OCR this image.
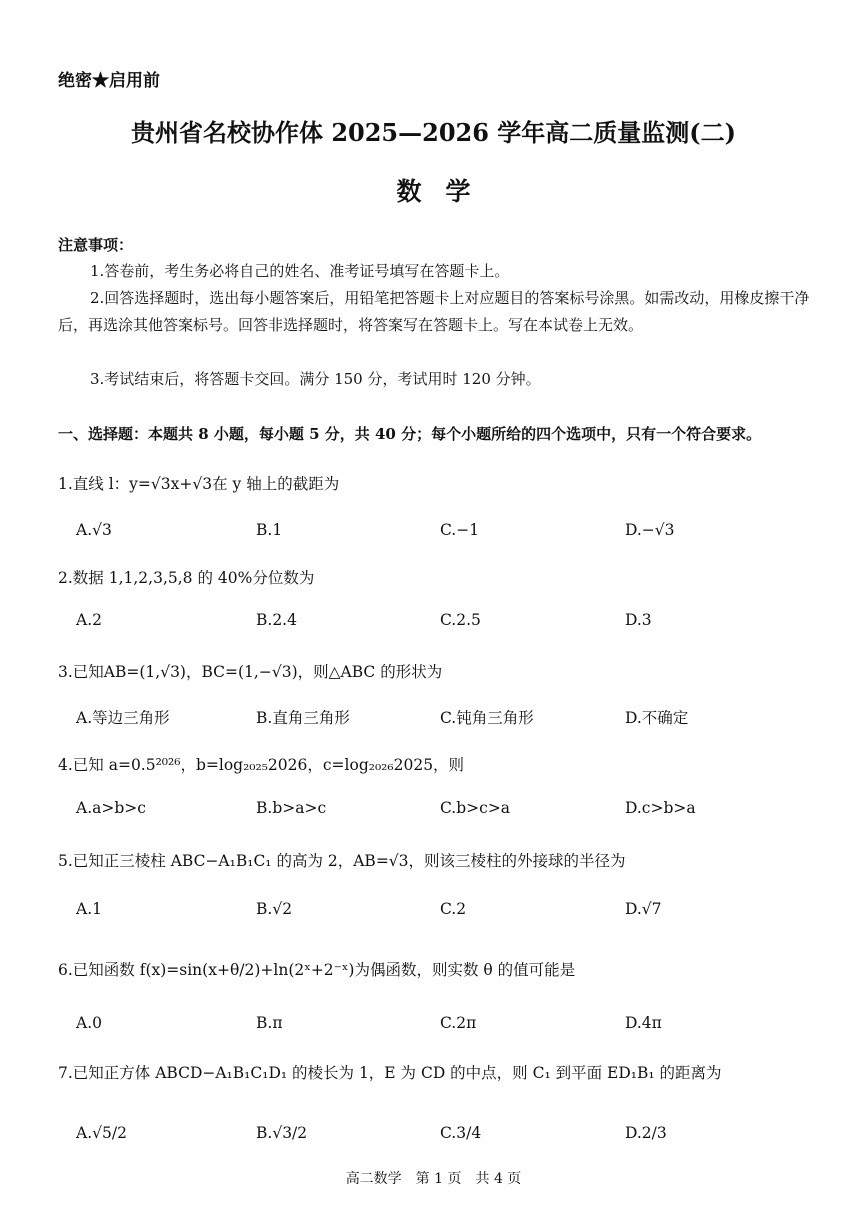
绝密★启用前
贵州省名校协作体 2025—2026 学年高二质量监测(二)
数学
注意事项：
1.答卷前，考生务必将自己的姓名、准考证号填写在答题卡上。
2.回答选择题时，选出每小题答案后，用铅笔把答题卡上对应题目的答案标号涂黑。如需改动，用橡皮擦干净后，再选涂其他答案标号。回答非选择题时，将答案写在答题卡上。写在本试卷上无效。
3.考试结束后，将答题卡交回。满分 150 分，考试用时 120 分钟。
一、选择题：本题共 8 小题，每小题 5 分，共 40 分；每个小题所给的四个选项中，只有一个符合要求。
1.直线 l：y=√3x+√3在 y 轴上的截距为
A.√3	B.1	C.−1	D.−√3
2.数据 1,1,2,3,5,8 的 40%分位数为
A.2	B.2.4	C.2.5	D.3
3.已知AB=(1,√3)，BC=(1,−√3)，则△ABC 的形状为
A.等边三角形	B.直角三角形	C.钝角三角形	D.不确定
4.已知 a=0.5²⁰²⁶，b=log₂₀₂₅2026，c=log₂₀₂₆2025，则
A.a>b>c	B.b>a>c	C.b>c>a	D.c>b>a
5.已知正三棱柱 ABC−A₁B₁C₁ 的高为 2，AB=√3，则该三棱柱的外接球的半径为
A.1	B.√2	C.2	D.√7
6.已知函数 f(x)=sin(x+θ/2)+ln(2ˣ+2⁻ˣ)为偶函数，则实数 θ 的值可能是
A.0	B.π	C.2π	D.4π
7.已知正方体 ABCD−A₁B₁C₁D₁ 的棱长为 1，E 为 CD 的中点，则 C₁ 到平面 ED₁B₁ 的距离为
A.√5/2	B.√3/2	C.3/4	D.2/3
高二数学　第 1 页　共 4 页
